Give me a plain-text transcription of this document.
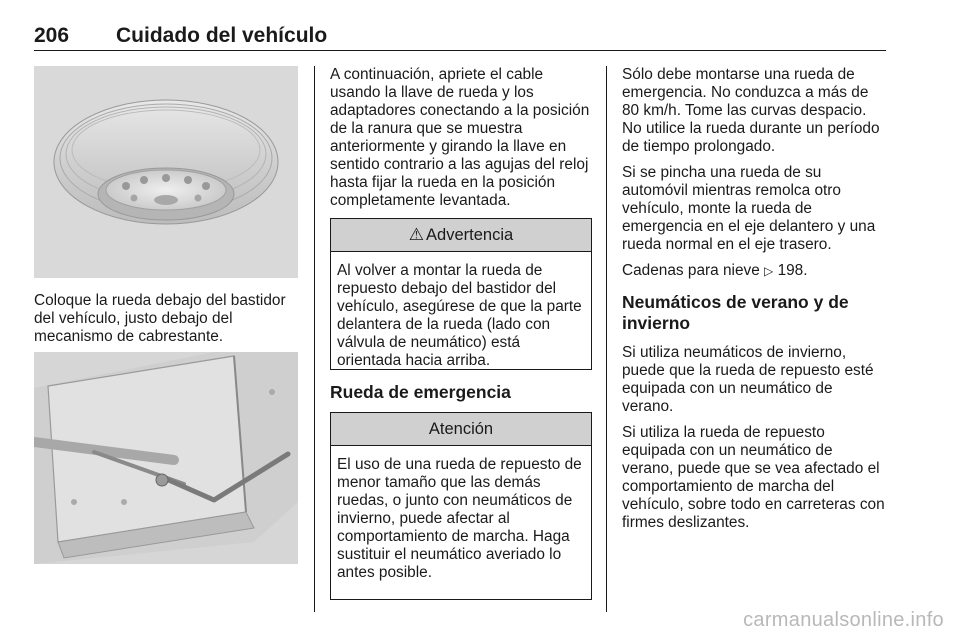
206 Cuidado del vehículo

Coloque la rueda debajo del bastidor del vehículo, justo debajo del mecanismo de cabrestante.

A continuación, apriete el cable usando la llave de rueda y los adaptadores conectando a la posición de la ranura que se muestra anteriormente y girando la llave en sentido contrario a las agujas del reloj hasta fijar la rueda en la posición completamente levantada.

⚠ Advertencia
Al volver a montar la rueda de repuesto debajo del bastidor del vehículo, asegúrese de que la parte delantera de la rueda (lado con válvula de neumático) está orientada hacia arriba.

Rueda de emergencia

Atención
El uso de una rueda de repuesto de menor tamaño que las demás ruedas, o junto con neumáticos de invierno, puede afectar al comportamiento de marcha. Haga sustituir el neumático averiado lo antes posible.

Sólo debe montarse una rueda de emergencia. No conduzca a más de 80 km/h. Tome las curvas despacio. No utilice la rueda durante un período de tiempo prolongado.

Si se pincha una rueda de su automóvil mientras remolca otro vehículo, monte la rueda de emergencia en el eje delantero y una rueda normal en el eje trasero.

Cadenas para nieve ▷ 198.

Neumáticos de verano y de invierno

Si utiliza neumáticos de invierno, puede que la rueda de repuesto esté equipada con un neumático de verano.

Si utiliza la rueda de repuesto equipada con un neumático de verano, puede que se vea afectado el comportamiento de marcha del vehículo, sobre todo en carreteras con firmes deslizantes.

carmanualsonline.info
